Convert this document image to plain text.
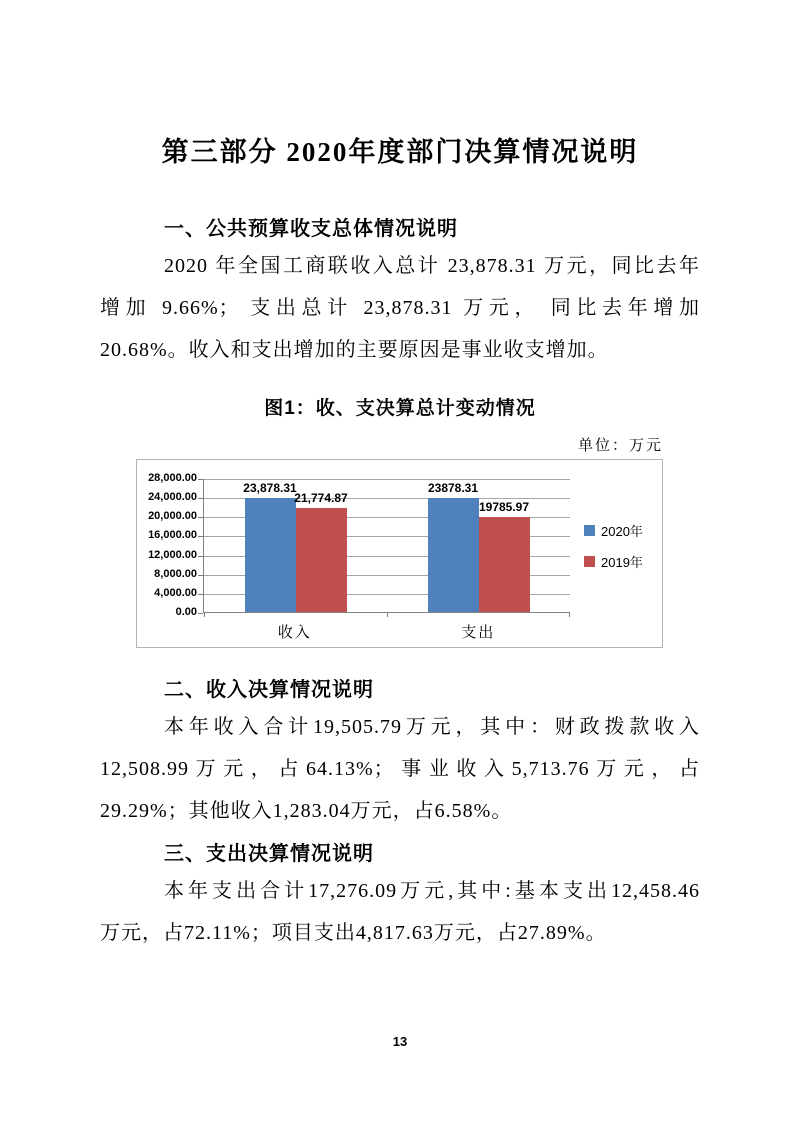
第三部分 2020年度部门决算情况说明
一、公共预算收支总体情况说明
2020 年全国工商联收入总计 23,878.31 万元，同比去年
增加 9.66%； 支出总计 23,878.31 万元， 同比去年增加
20.68%。收入和支出增加的主要原因是事业收支增加。
图1：收、支决算总计变动情况
单位：万元
28,000.00
24,000.00
20,000.00
16,000.00
12,000.00
8,000.00
4,000.00
0.00
23,878.31
21,774.87
23878.31
19785.97
收入	支出
2020年
2019年
二、收入决算情况说明
本年收入合计19,505.79万元，其中：财政拨款收入
12,508.99万元，占64.13%；事业收入5,713.76万元，占
29.29%；其他收入1,283.04万元，占6.58%。
三、支出决算情况说明
本年支出合计17,276.09万元,其中:基本支出12,458.46
万元，占72.11%；项目支出4,817.63万元，占27.89%。
13
